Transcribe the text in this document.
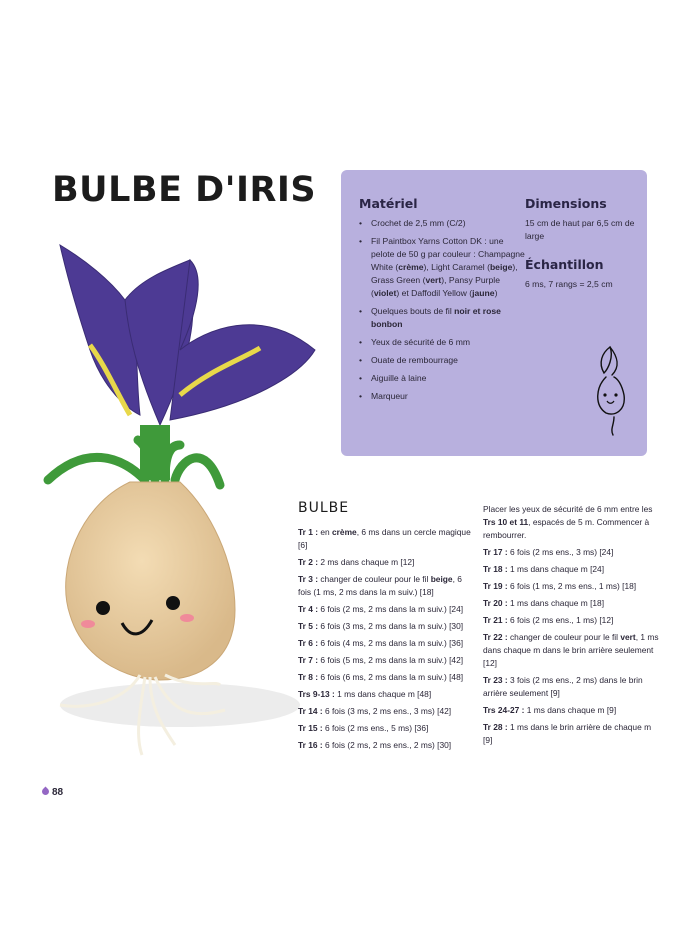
BULBE D'IRIS	Matériel
• Crochet de 2,5 mm (C/2)
• Fil Paintbox Yarns Cotton DK : une pelote de 50 g par couleur : Champagne White (crème), Light Caramel (beige), Grass Green (vert), Pansy Purple (violet) et Daffodil Yellow (jaune)
• Quelques bouts de fil noir et rose bonbon
• Yeux de sécurité de 6 mm
• Ouate de rembourrage
• Aiguille à laine
• Marqueur
Dimensions

15 cm de haut par 6,5 cm de large

Échantillon

6 ms, 7 rangs = 2,5 cm

BULBE
Tr 1 : en crème, 6 ms dans un cercle magique [6]
Tr 2 : 2 ms dans chaque m [12]
Tr 3 : changer de couleur pour le fil beige, 6 fois (1 ms, 2 ms dans la m suiv.) [18]
Tr 4 : 6 fois (2 ms, 2 ms dans la m suiv.) [24]
Tr 5 : 6 fois (3 ms, 2 ms dans la m suiv.) [30]
Tr 6 : 6 fois (4 ms, 2 ms dans la m suiv.) [36]
Tr 7 : 6 fois (5 ms, 2 ms dans la m suiv.) [42]
Tr 8 : 6 fois (6 ms, 2 ms dans la m suiv.) [48]
Trs 9-13 : 1 ms dans chaque m [48]
Tr 14 : 6 fois (3 ms, 2 ms ens., 3 ms) [42]
Tr 15 : 6 fois (2 ms ens., 5 ms) [36]
Tr 16 : 6 fois (2 ms, 2 ms ens., 2 ms) [30]
Placer les yeux de sécurité de 6 mm entre les Trs 10 et 11, espacés de 5 m. Commencer à rembourrer.
Tr 17 : 6 fois (2 ms ens., 3 ms) [24]
Tr 18 : 1 ms dans chaque m [24]
Tr 19 : 6 fois (1 ms, 2 ms ens., 1 ms) [18]
Tr 20 : 1 ms dans chaque m [18]
Tr 21 : 6 fois (2 ms ens., 1 ms) [12]
Tr 22 : changer de couleur pour le fil vert, 1 ms dans chaque m dans le brin arrière seulement [12]
Tr 23 : 3 fois (2 ms ens., 2 ms) dans le brin arrière seulement [9]
Trs 24-27 : 1 ms dans chaque m [9]
Tr 28 : 1 ms dans le brin arrière de chaque m [9]
88
